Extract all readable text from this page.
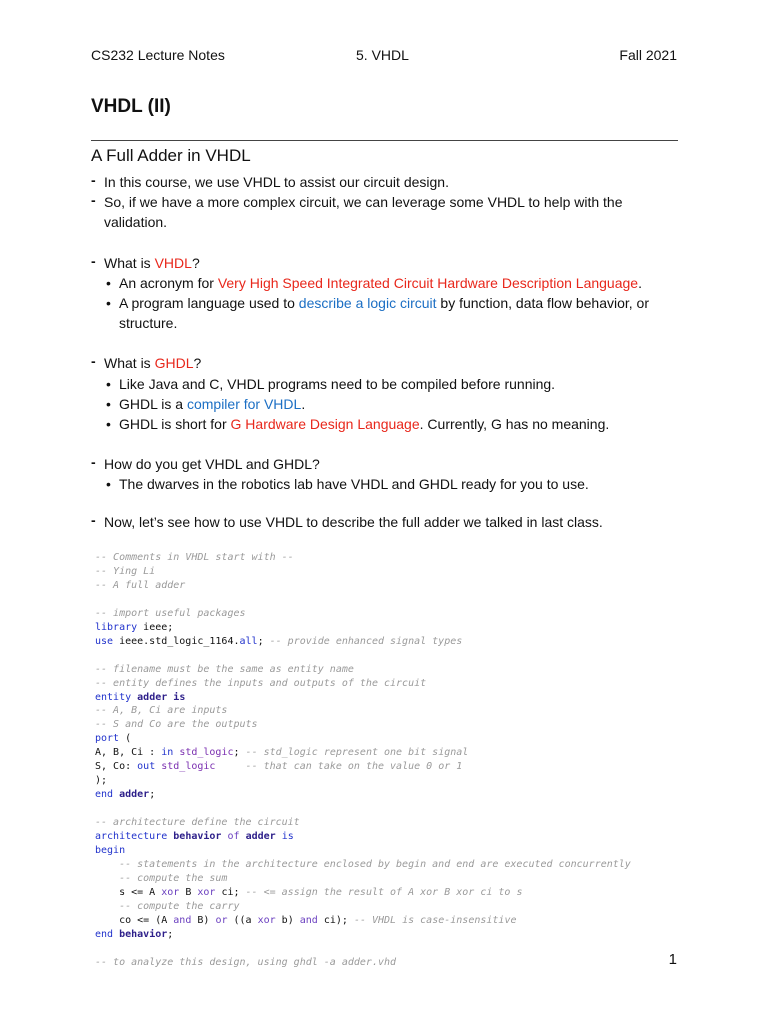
CS232 Lecture Notes	5. VHDL	Fall 2021
VHDL (II)
A Full Adder in VHDL

- In this course, we use VHDL to assist our circuit design.

- So, if we have a more complex circuit, we can leverage some VHDL to help with the validation.

- What is VHDL?

• An acronym for Very High Speed Integrated Circuit Hardware Description Language.

• A program language used to describe a logic circuit by function, data flow behavior, or structure.

- What is GHDL?

• Like Java and C, VHDL programs need to be compiled before running.

• GHDL is a compiler for VHDL.

• GHDL is short for G Hardware Design Language. Currently, G has no meaning.

- How do you get VHDL and GHDL?

• The dwarves in the robotics lab have VHDL and GHDL ready for you to use.

- Now, let’s see how to use VHDL to describe the full adder we talked in last class.

-- Comments in VHDL start with --
-- Ying Li
-- A full adder

-- import useful packages
library ieee;
use ieee.std_logic_1164.all; -- provide enhanced signal types

-- filename must be the same as entity name
-- entity defines the inputs and outputs of the circuit
entity adder is
-- A, B, Ci are inputs
-- S and Co are the outputs
port (
A, B, Ci : in std_logic; -- std_logic represent one bit signal
S, Co: out std_logic	-- that can take on the value 0 or 1
);
end adder;

-- architecture define the circuit
architecture behavior of adder is
begin
-- statements in the architecture enclosed by begin and end are executed concurrently
-- compute the sum
s <= A xor B xor ci; -- <= assign the result of A xor B xor ci to s
-- compute the carry
co <= (A and B) or ((a xor b) and ci); -- VHDL is case-insensitive
end behavior;

-- to analyze this design, using ghdl -a adder.vhd	1
